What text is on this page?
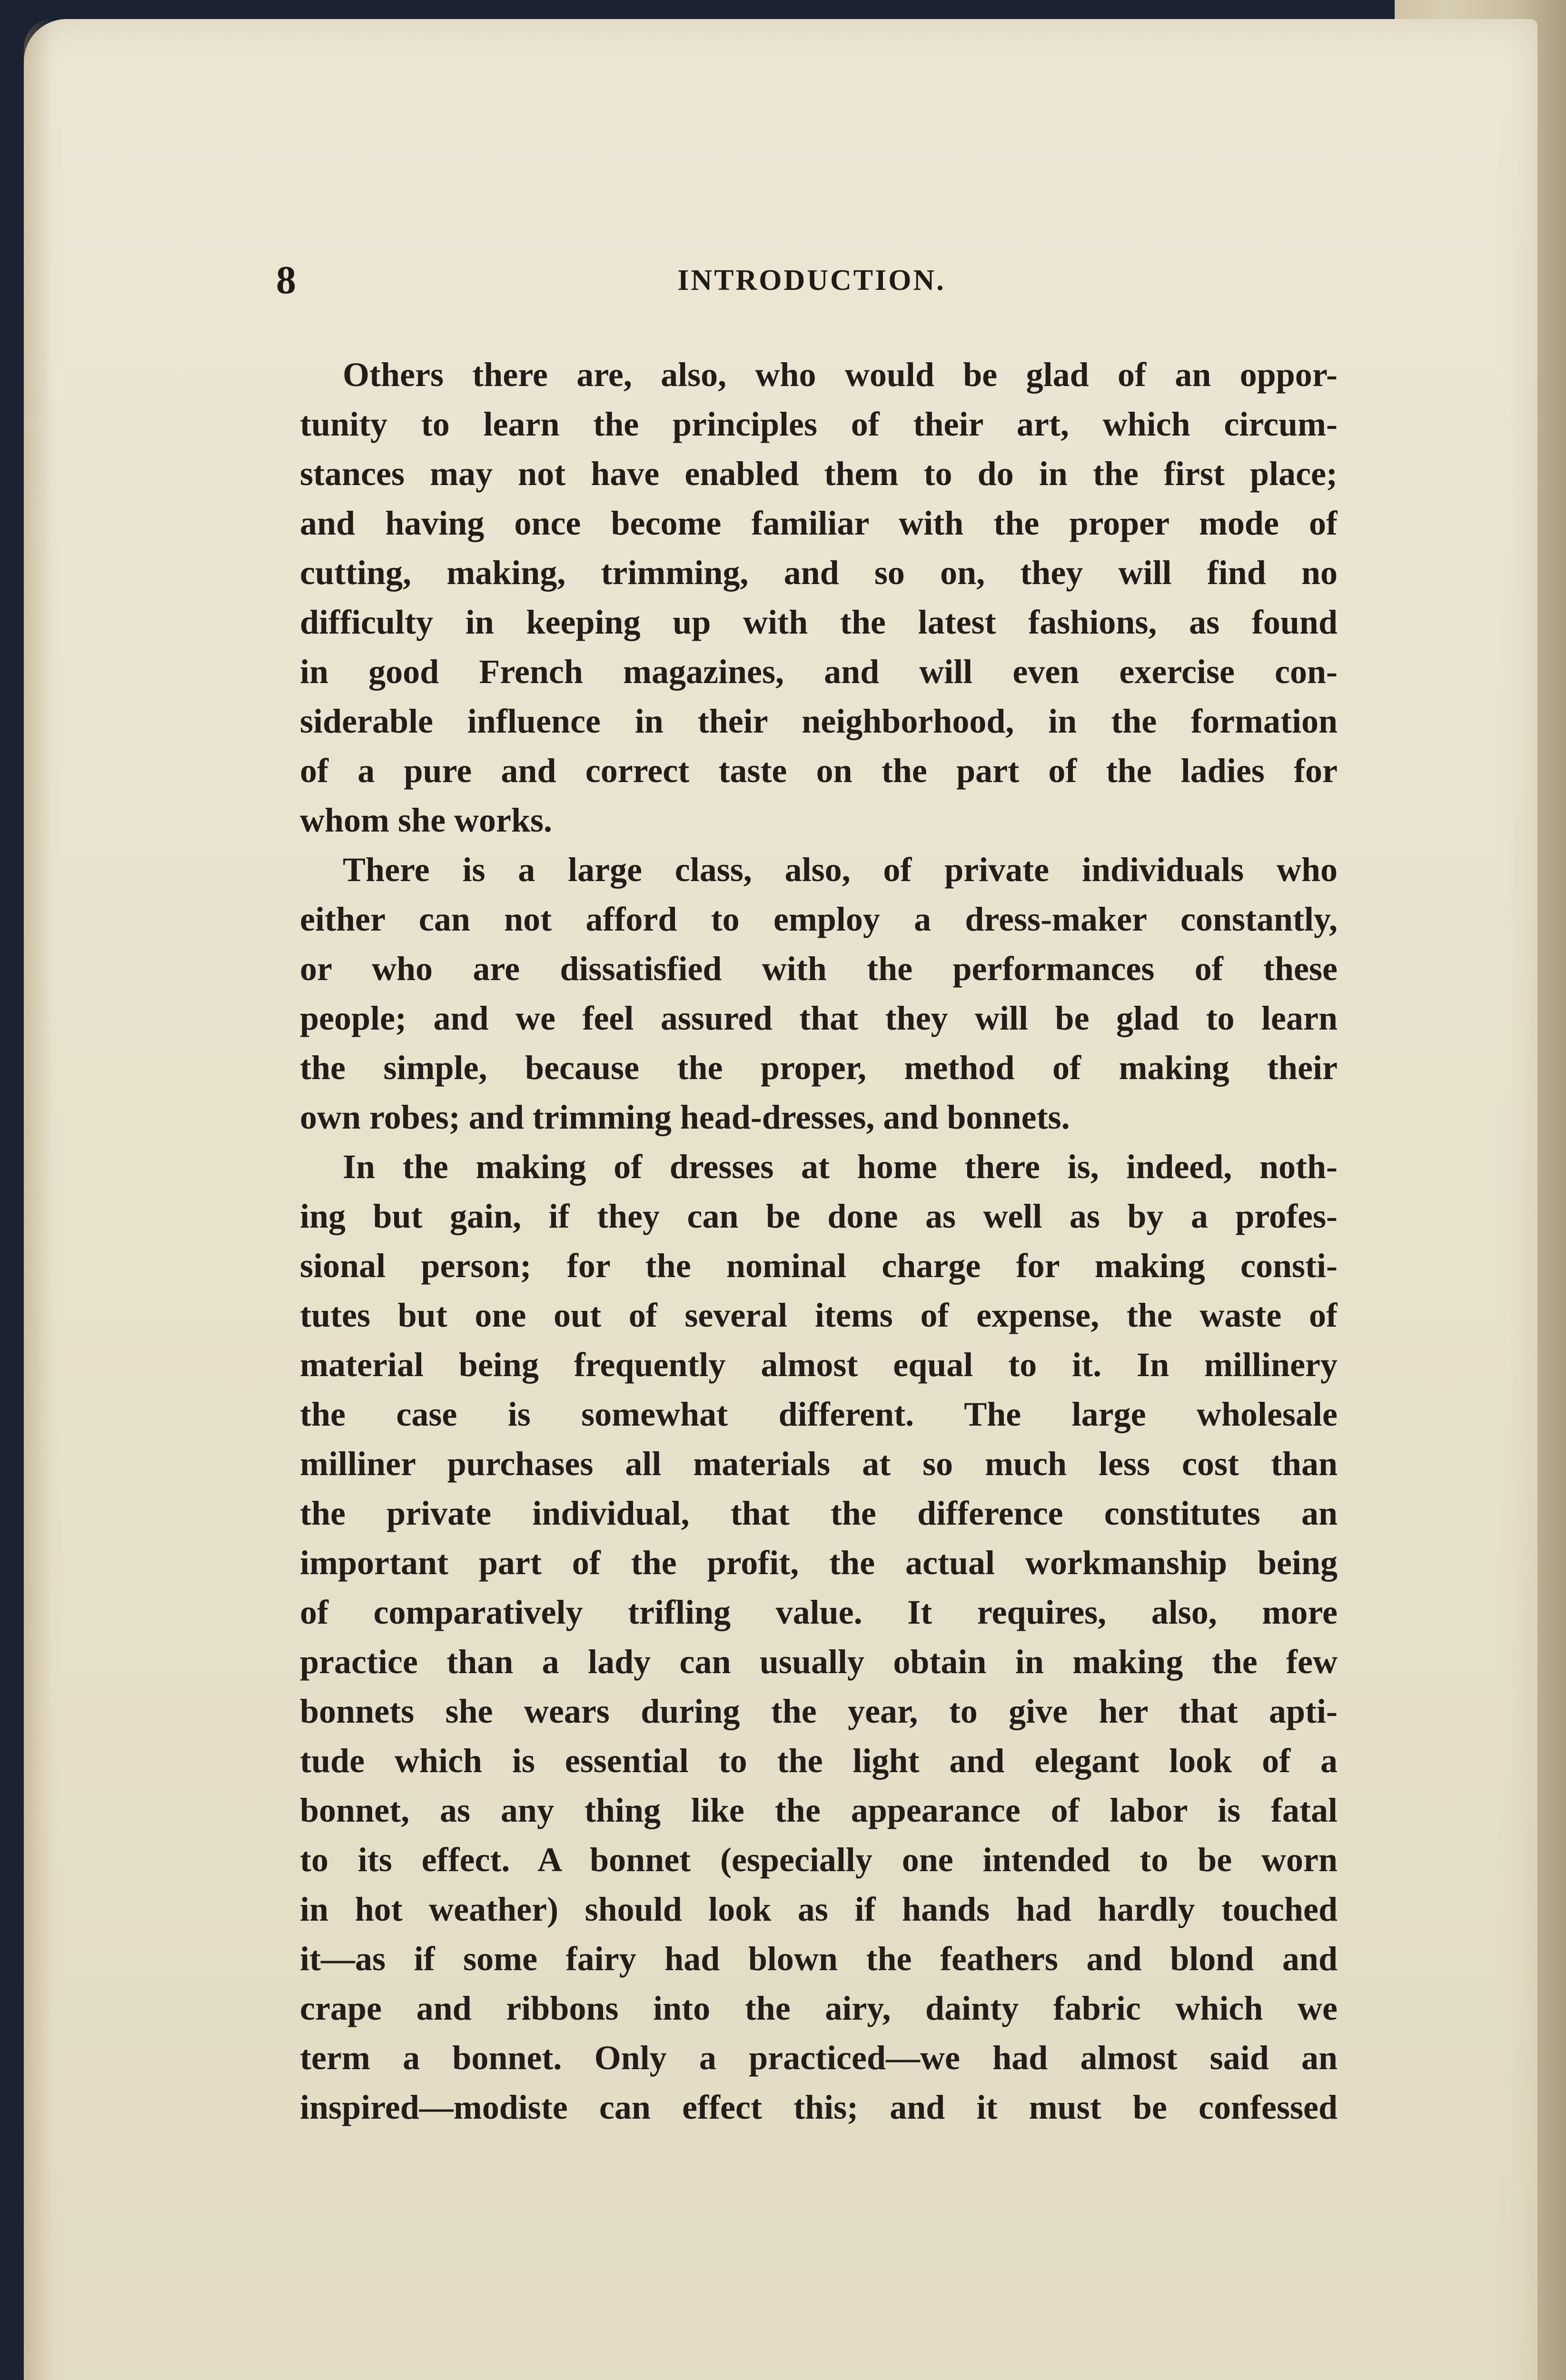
8	INTRODUCTION.
Others there are, also, who would be glad of an oppor-
tunity to learn the principles of their art, which circum-
stances may not have enabled them to do in the first place;
and having once become familiar with the proper mode of
cutting, making, trimming, and so on, they will find no
difficulty in keeping up with the latest fashions, as found
in good French magazines, and will even exercise con-
siderable influence in their neighborhood, in the formation
of a pure and correct taste on the part of the ladies for
whom she works.
There is a large class, also, of private individuals who
either can not afford to employ a dress-maker constantly,
or who are dissatisfied with the performances of these
people; and we feel assured that they will be glad to learn
the simple, because the proper, method of making their
own robes; and trimming head-dresses, and bonnets.
In the making of dresses at home there is, indeed, noth-
ing but gain, if they can be done as well as by a profes-
sional person; for the nominal charge for making consti-
tutes but one out of several items of expense, the waste of
material being frequently almost equal to it. In millinery
the case is somewhat different. The large wholesale
milliner purchases all materials at so much less cost than
the private individual, that the difference constitutes an
important part of the profit, the actual workmanship being
of comparatively trifling value. It requires, also, more
practice than a lady can usually obtain in making the few
bonnets she wears during the year, to give her that apti-
tude which is essential to the light and elegant look of a
bonnet, as any thing like the appearance of labor is fatal
to its effect. A bonnet (especially one intended to be worn
in hot weather) should look as if hands had hardly touched
it—as if some fairy had blown the feathers and blond and
crape and ribbons into the airy, dainty fabric which we
term a bonnet. Only a practiced—we had almost said an
inspired—modiste can effect this; and it must be confessed
